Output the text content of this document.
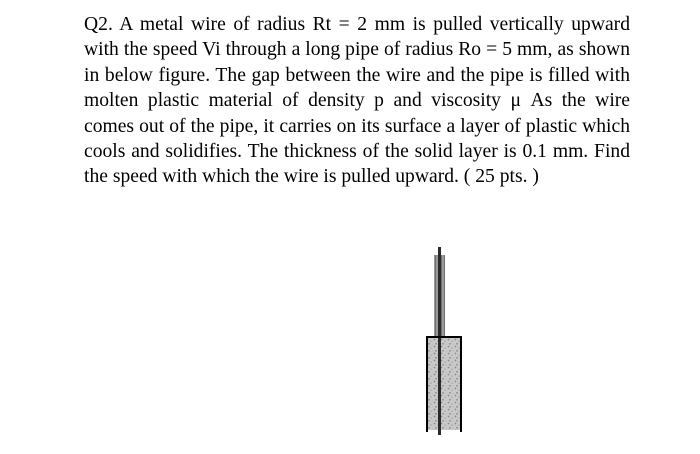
Q2. A metal wire of radius Rt = 2 mm is pulled vertically upward with the speed Vi through a long pipe of radius Ro = 5 mm, as shown in below figure. The gap between the wire and the pipe is filled with molten plastic material of density p and viscosity μ As the wire comes out of the pipe, it carries on its surface a layer of plastic which cools and solidifies. The thickness of the solid layer is 0.1 mm. Find the speed with which the wire is pulled upward. ( 25 pts. )
